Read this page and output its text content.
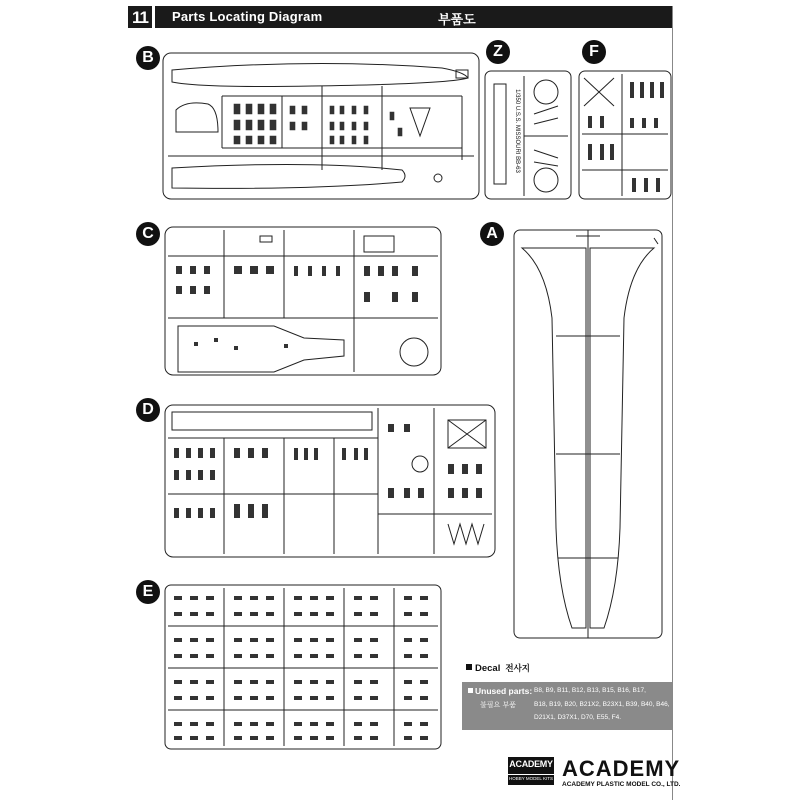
11 Parts Locating Diagram	부품도
B	Z
1/350 U.S.S. MISSOURI BB-63
F
C	A
D
E
Decal 전사지
Unused parts:
불필요 부품
B8, B9, B11, B12, B13, B15, B16, B17,
B18, B19, B20, B21X2, B23X1, B39, B40, B46,
D21X1, D37X1, D70, E55, F4.
ACADEMY
HOBBY MODEL KITS ACADEMY
ACADEMY PLASTIC MODEL CO., LTD.
